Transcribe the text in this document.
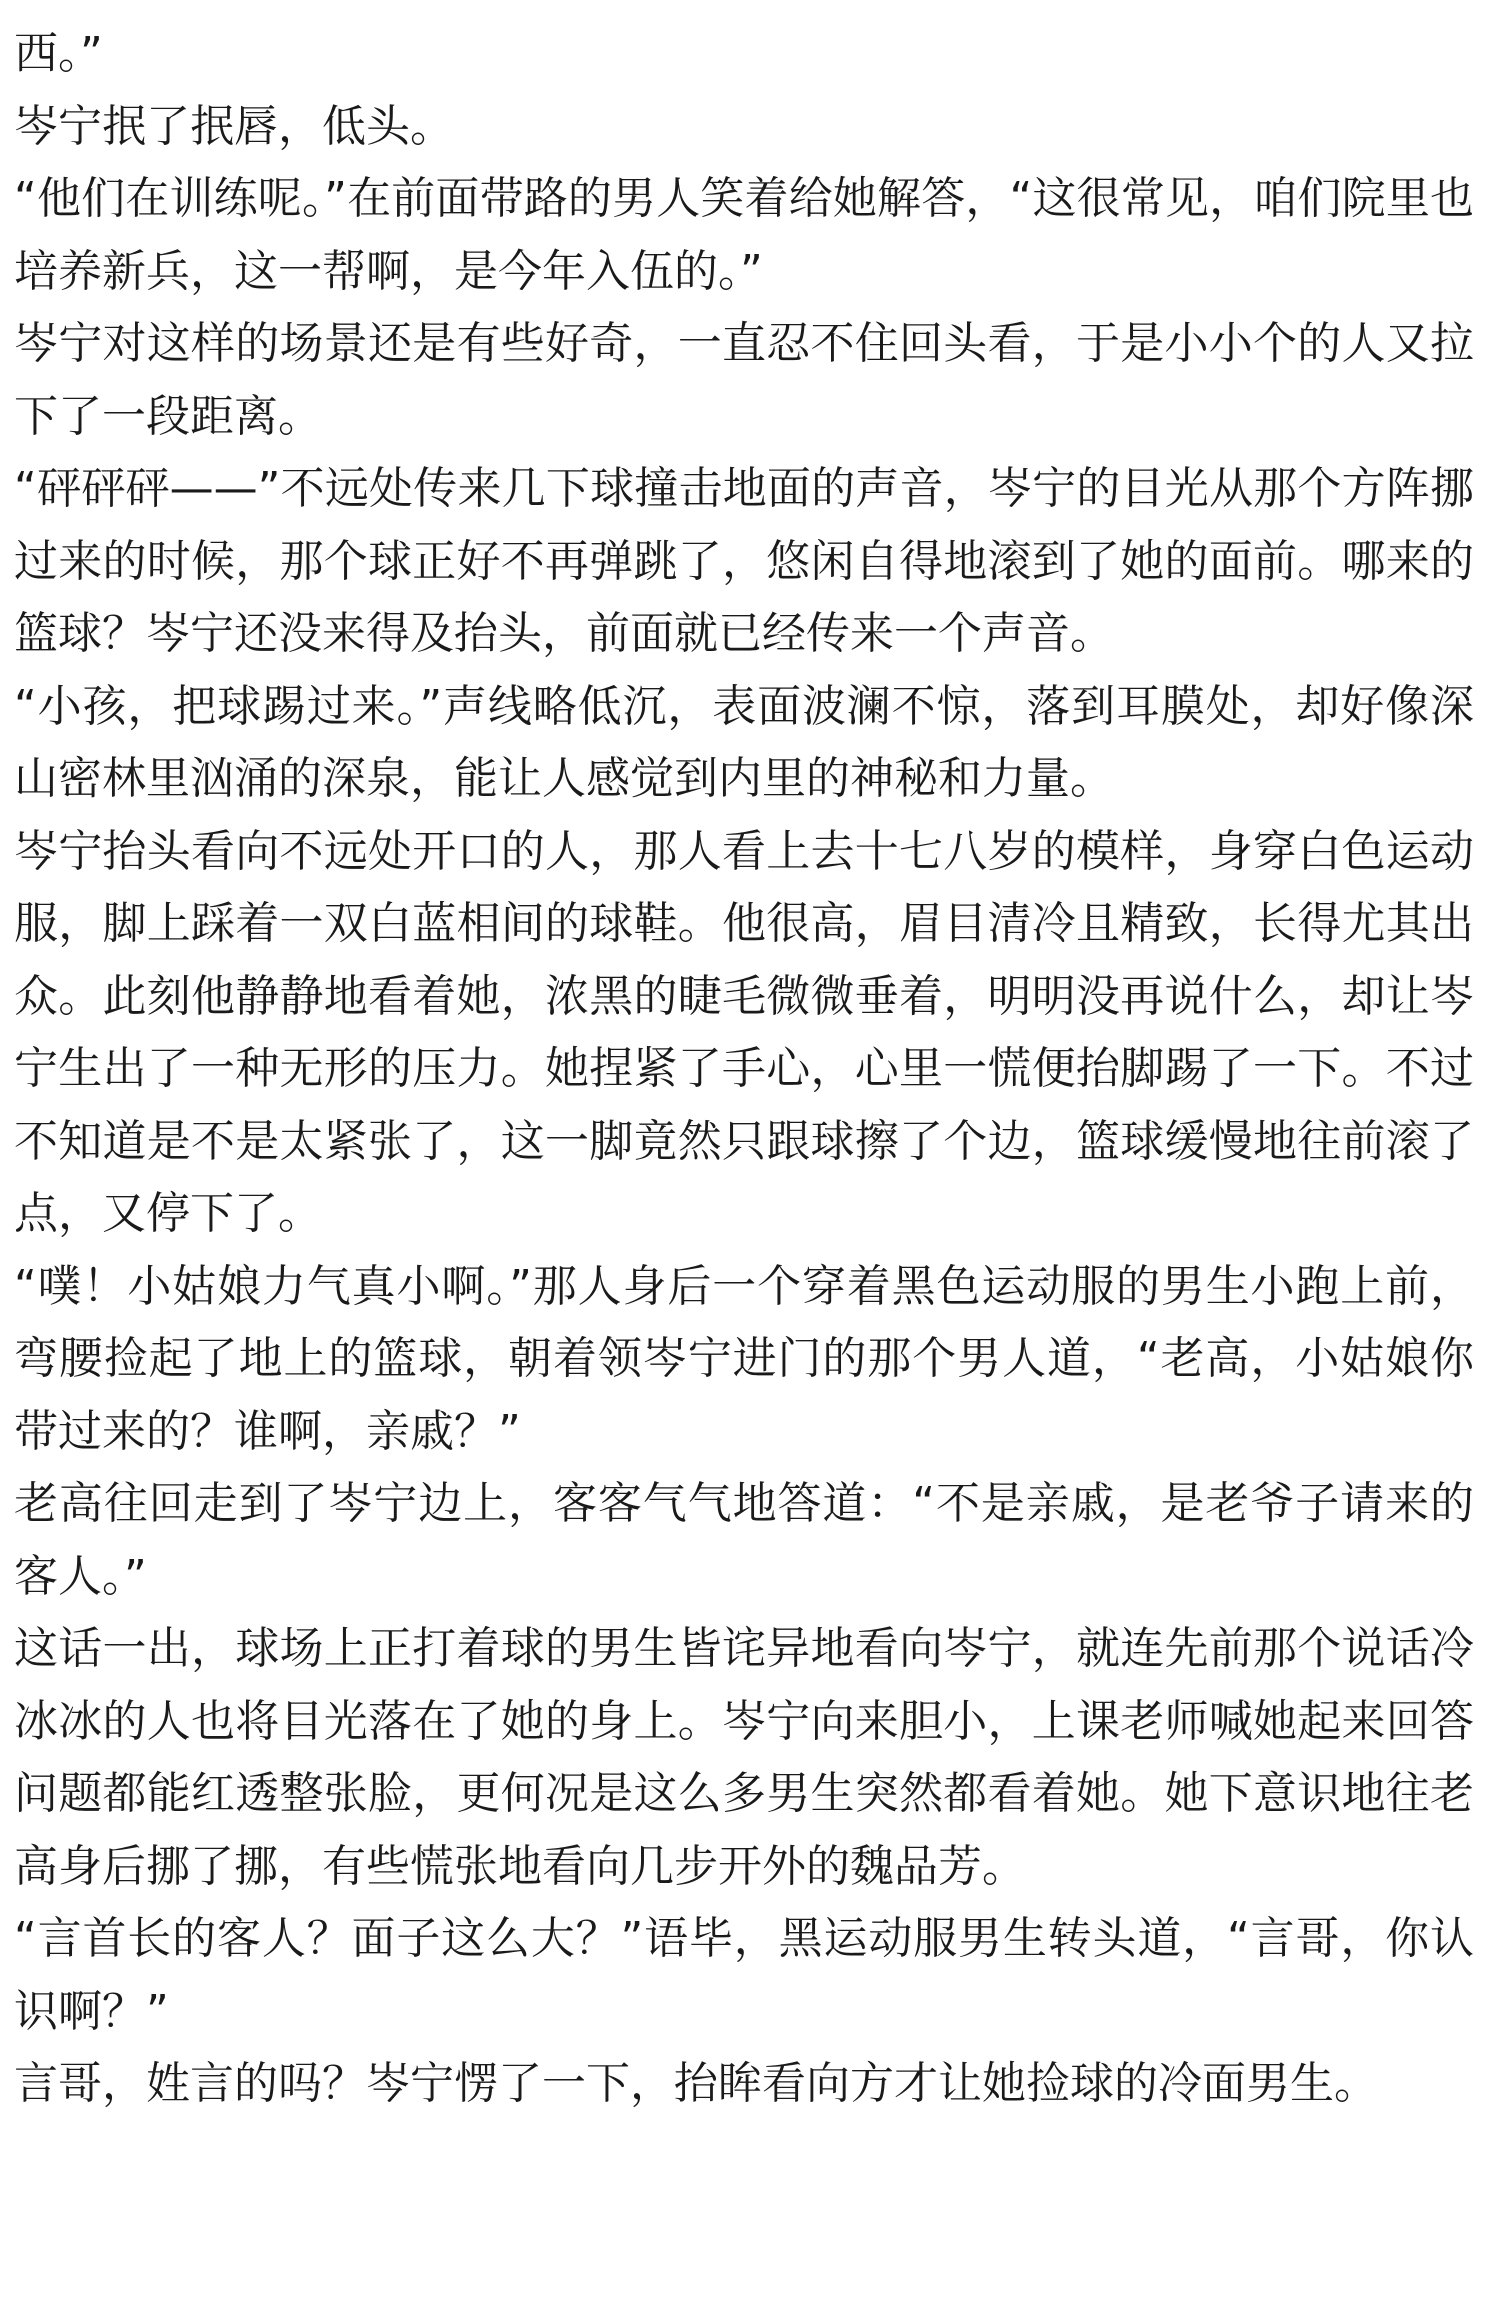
西。”

岑宁抿了抿唇，低头。

“他们在训练呢。”在前面带路的男人笑着给她解答，“这很常见，咱们院里也培养新兵，这一帮啊，是今年入伍的。”

岑宁对这样的场景还是有些好奇，一直忍不住回头看，于是小小个的人又拉下了一段距离。

“砰砰砰——”不远处传来几下球撞击地面的声音，岑宁的目光从那个方阵挪过来的时候，那个球正好不再弹跳了，悠闲自得地滚到了她的面前。哪来的篮球？岑宁还没来得及抬头，前面就已经传来一个声音。

“小孩，把球踢过来。”声线略低沉，表面波澜不惊，落到耳膜处，却好像深山密林里汹涌的深泉，能让人感觉到内里的神秘和力量。

岑宁抬头看向不远处开口的人，那人看上去十七八岁的模样，身穿白色运动服，脚上踩着一双白蓝相间的球鞋。他很高，眉目清冷且精致，长得尤其出众。此刻他静静地看着她，浓黑的睫毛微微垂着，明明没再说什么，却让岑宁生出了一种无形的压力。她捏紧了手心，心里一慌便抬脚踢了一下。不过不知道是不是太紧张了，这一脚竟然只跟球擦了个边，篮球缓慢地往前滚了点，又停下了。

“噗！小姑娘力气真小啊。”那人身后一个穿着黑色运动服的男生小跑上前，弯腰捡起了地上的篮球，朝着领岑宁进门的那个男人道，“老高，小姑娘你带过来的？谁啊，亲戚？”

老高往回走到了岑宁边上，客客气气地答道：“不是亲戚，是老爷子请来的客人。”

这话一出，球场上正打着球的男生皆诧异地看向岑宁，就连先前那个说话冷冰冰的人也将目光落在了她的身上。岑宁向来胆小，上课老师喊她起来回答问题都能红透整张脸，更何况是这么多男生突然都看着她。她下意识地往老高身后挪了挪，有些慌张地看向几步开外的魏品芳。

“言首长的客人？面子这么大？”语毕，黑运动服男生转头道，“言哥，你认识啊？”

言哥，姓言的吗？岑宁愣了一下，抬眸看向方才让她捡球的冷面男生。
